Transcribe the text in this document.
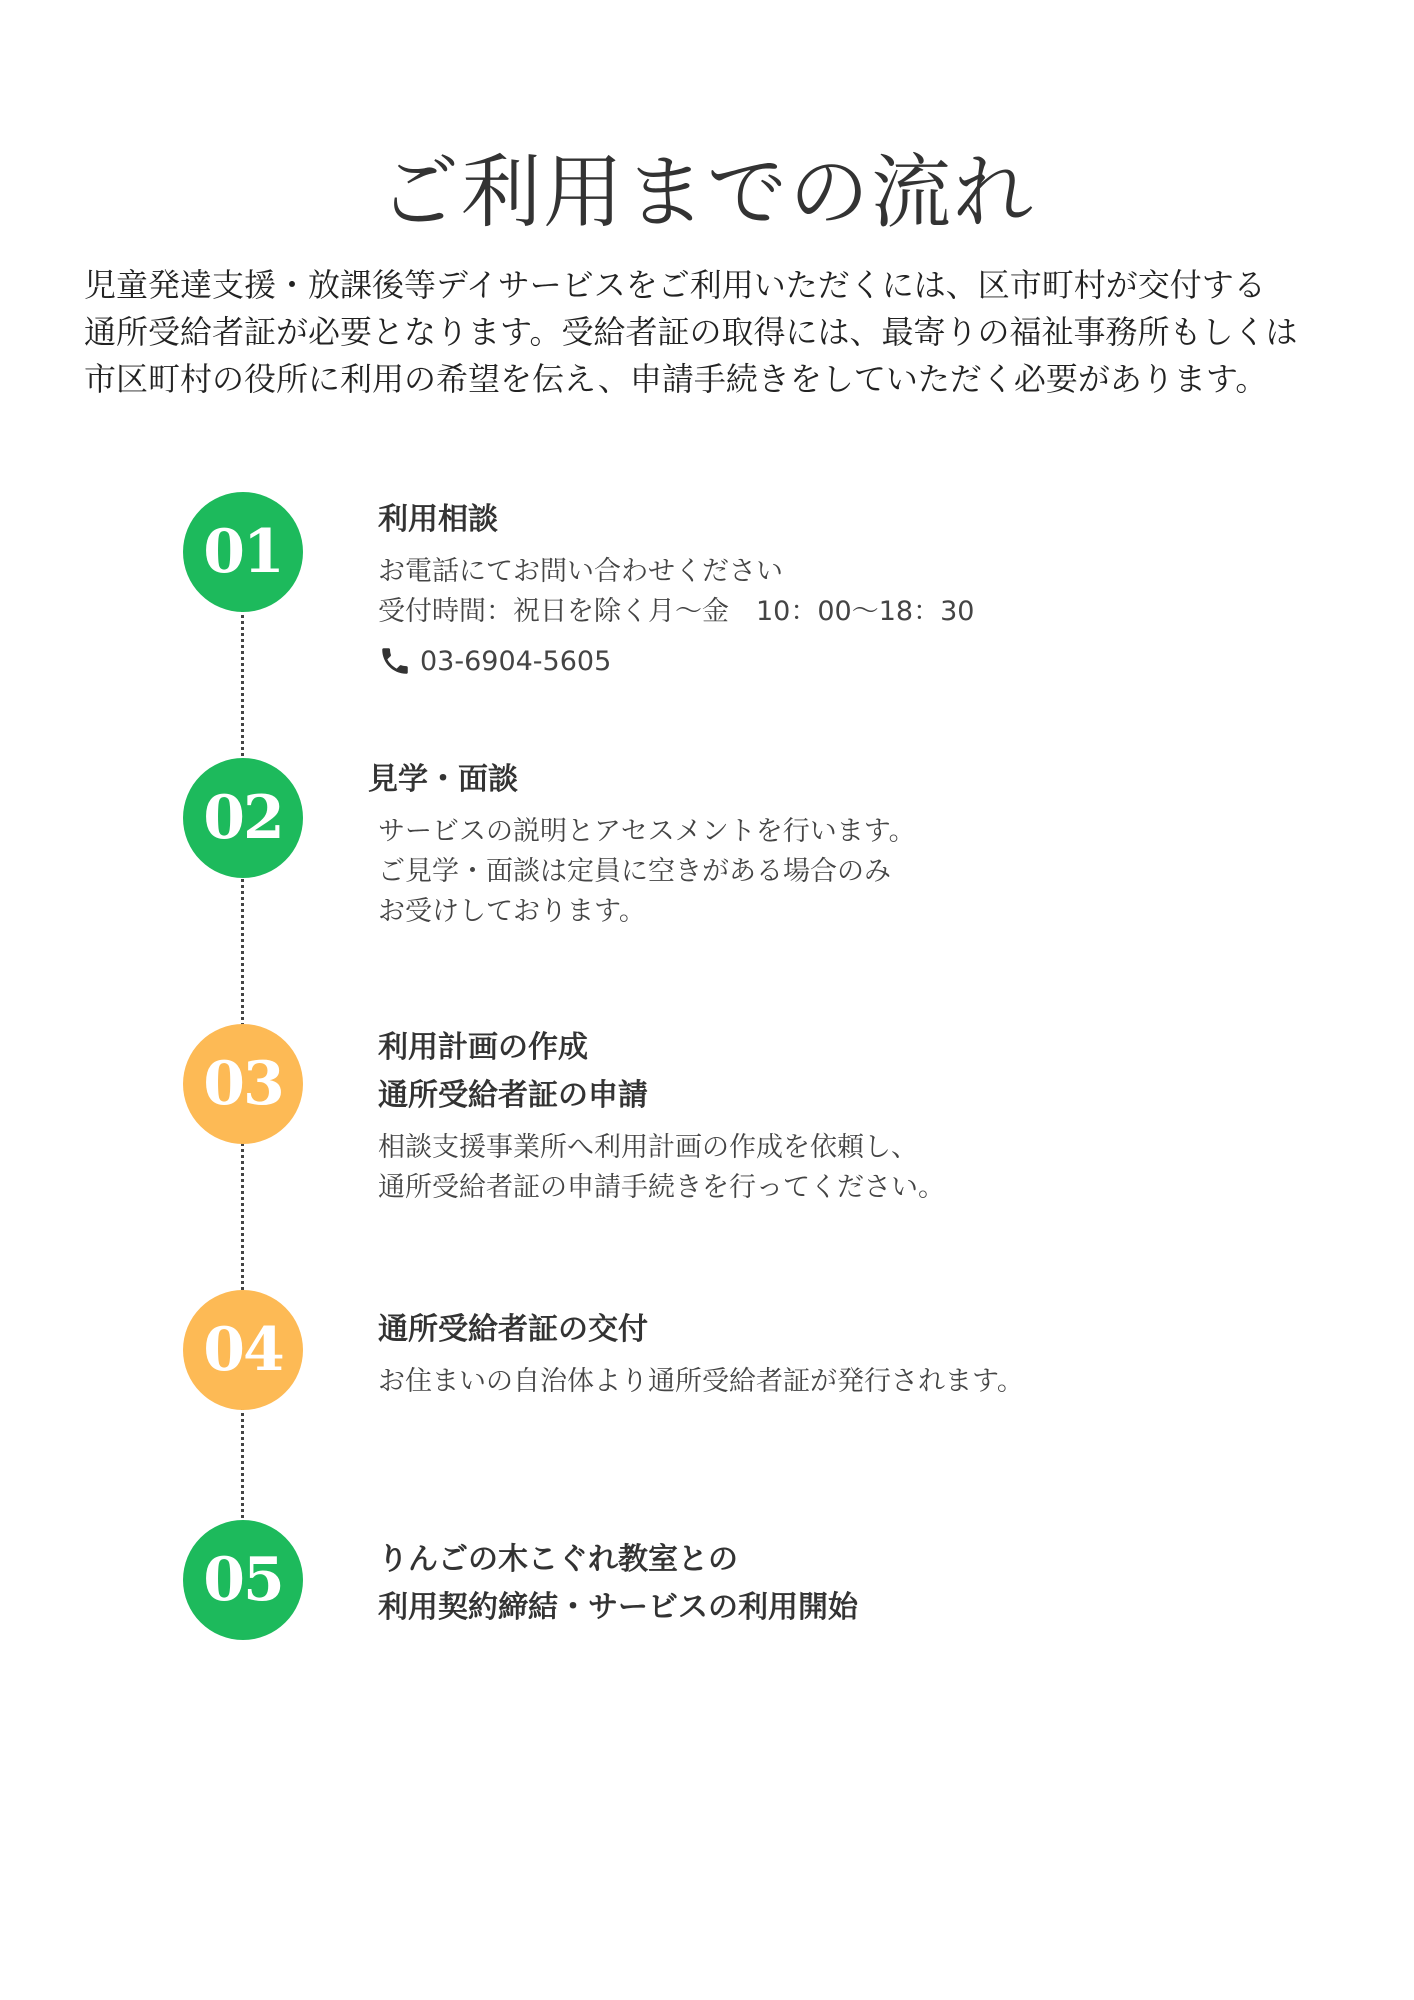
ご利用までの流れ
児童発達支援・放課後等デイサービスをご利用いただくには、区市町村が交付する
通所受給者証が必要となります。受給者証の取得には、最寄りの福祉事務所もしくは
市区町村の役所に利用の希望を伝え、申請手続きをしていただく必要があります。
01	利用相談
お電話にてお問い合わせください
受付時間：祝日を除く月〜金　10：00〜18：30
03-6904-5605
02
見学・面談
サービスの説明とアセスメントを行います。
ご見学・面談は定員に空きがある場合のみ
お受けしております。
03
利用計画の作成
通所受給者証の申請
相談支援事業所へ利用計画の作成を依頼し、
通所受給者証の申請手続きを行ってください。
04	通所受給者証の交付
お住まいの自治体より通所受給者証が発行されます。
05	りんごの木こぐれ教室との
利用契約締結・サービスの利用開始
